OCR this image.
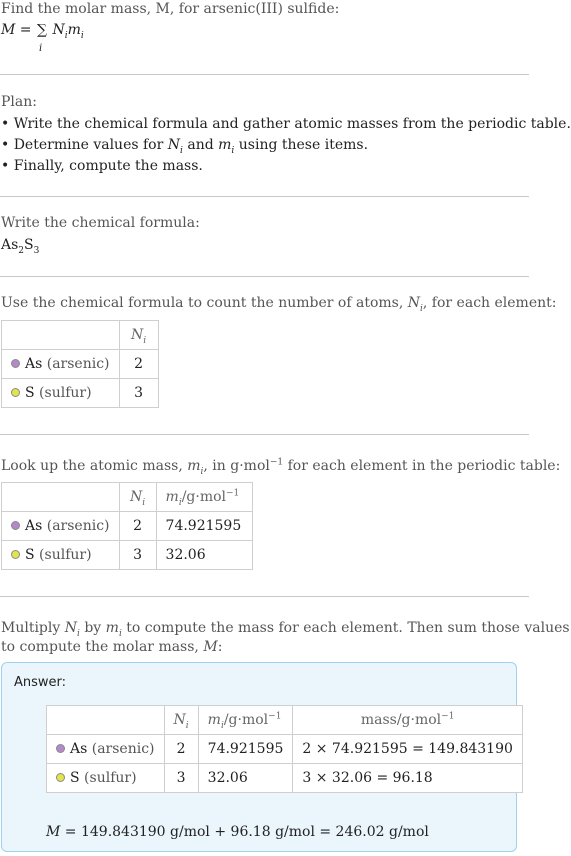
Find the molar mass, M, for arsenic(III) sulfide:
M = ∑
i
$N_im_i$
Plan:
• Write the chemical formula and gather atomic masses from the periodic table.
• Determine values for $N_i$ and $m_i$ using these items.
• Finally, compute the mass.
Write the chemical formula:
$As_2S_3$
Use the chemical formula to count the number of atoms, $N_i$, for each element:
	$N_i$
As (arsenic)	2
S (sulfur)	3
Look up the atomic mass, $m_i$, in g·mol$^{-1}$ for each element in the periodic table:
	$N_i$	$m_i/g\cdot mol^{-1}$
As (arsenic)	2	74.921595
S (sulfur)	3	32.06
Multiply $N_i$ by $m_i$ to compute the mass for each element. Then sum those values
to compute the molar mass, M:
Answer:
	$N_i$	$m_i/g\cdot mol^{-1}$	mass/g·mol$^{-1}$
As (arsenic)	2	74.921595	2 × 74.921595 = 149.843190
S (sulfur)	3	32.06	3 × 32.06 = 96.18
M = 149.843190 g/mol + 96.18 g/mol = 246.02 g/mol
